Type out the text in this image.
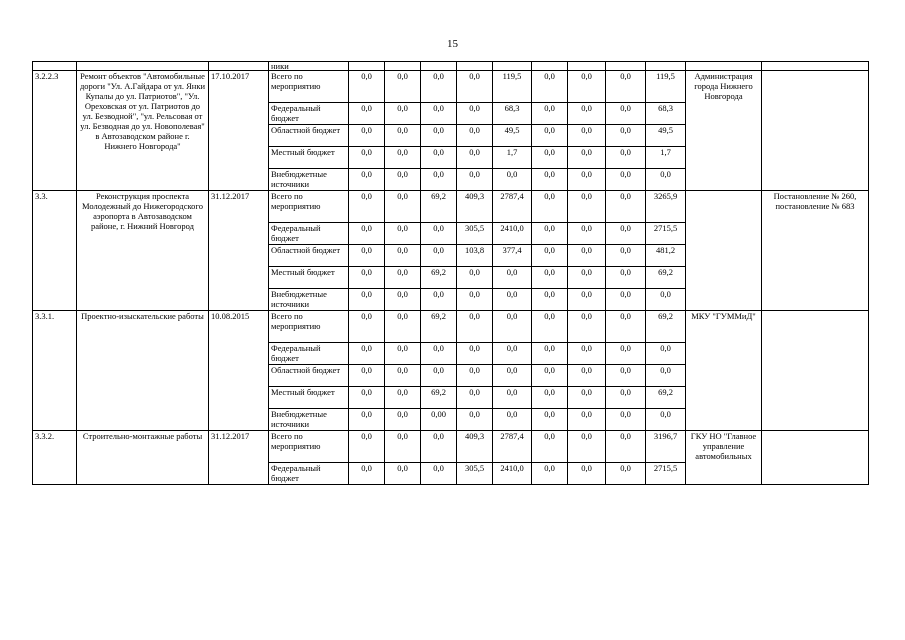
15
			ники											
3.2.2.3	Ремонт объектов "Автомобильные дороги "Ул. А.Гайдара от ул. Янки Купалы до ул. Патриотов", "Ул. Ореховская от ул. Патриотов до ул. Безводной", "ул. Рельсовая от ул. Безводная до ул. Новополевая" в Автозаводском районе г. Нижнего Новгорода"	17.10.2017	Всего по мероприятию	0,0	0,0	0,0	0,0	119,5	0,0	0,0	0,0	119,5	Администрация города Нижнего Новгорода	
			Федеральный бюджет	0,0	0,0	0,0	0,0	68,3	0,0	0,0	0,0	68,3		
			Областной бюджет	0,0	0,0	0,0	0,0	49,5	0,0	0,0	0,0	49,5		
			Местный бюджет	0,0	0,0	0,0	0,0	1,7	0,0	0,0	0,0	1,7		
			Внебюджетные источники	0,0	0,0	0,0	0,0	0,0	0,0	0,0	0,0	0,0		
3.3.	Реконструкция проспекта Молодежный до Нижегородского аэропорта в Автозаводском районе, г. Нижний Новгород	31.12.2017	Всего по мероприятию	0,0	0,0	69,2	409,3	2787,4	0,0	0,0	0,0	3265,9		Постановление № 260, постановление № 683
			Федеральный бюджет	0,0	0,0	0,0	305,5	2410,0	0,0	0,0	0,0	2715,5		
			Областной бюджет	0,0	0,0	0,0	103,8	377,4	0,0	0,0	0,0	481,2		
			Местный бюджет	0,0	0,0	69,2	0,0	0,0	0,0	0,0	0,0	69,2		
			Внебюджетные источники	0,0	0,0	0,0	0,0	0,0	0,0	0,0	0,0	0,0		
3.3.1.	Проектно-изыскательские работы	10.08.2015	Всего по мероприятию	0,0	0,0	69,2	0,0	0,0	0,0	0,0	0,0	69,2	МКУ "ГУММиД"	
			Федеральный бюджет	0,0	0,0	0,0	0,0	0,0	0,0	0,0	0,0	0,0		
			Областной бюджет	0,0	0,0	0,0	0,0	0,0	0,0	0,0	0,0	0,0		
			Местный бюджет	0,0	0,0	69,2	0,0	0,0	0,0	0,0	0,0	69,2		
			Внебюджетные источники	0,0	0,0	0,00	0,0	0,0	0,0	0,0	0,0	0,0		
3.3.2.	Строительно-монтажные работы	31.12.2017	Всего по мероприятию	0,0	0,0	0,0	409,3	2787,4	0,0	0,0	0,0	3196,7	ГКУ НО "Главное управление автомобильных	
			Федеральный бюджет	0,0	0,0	0,0	305,5	2410,0	0,0	0,0	0,0	2715,5		
